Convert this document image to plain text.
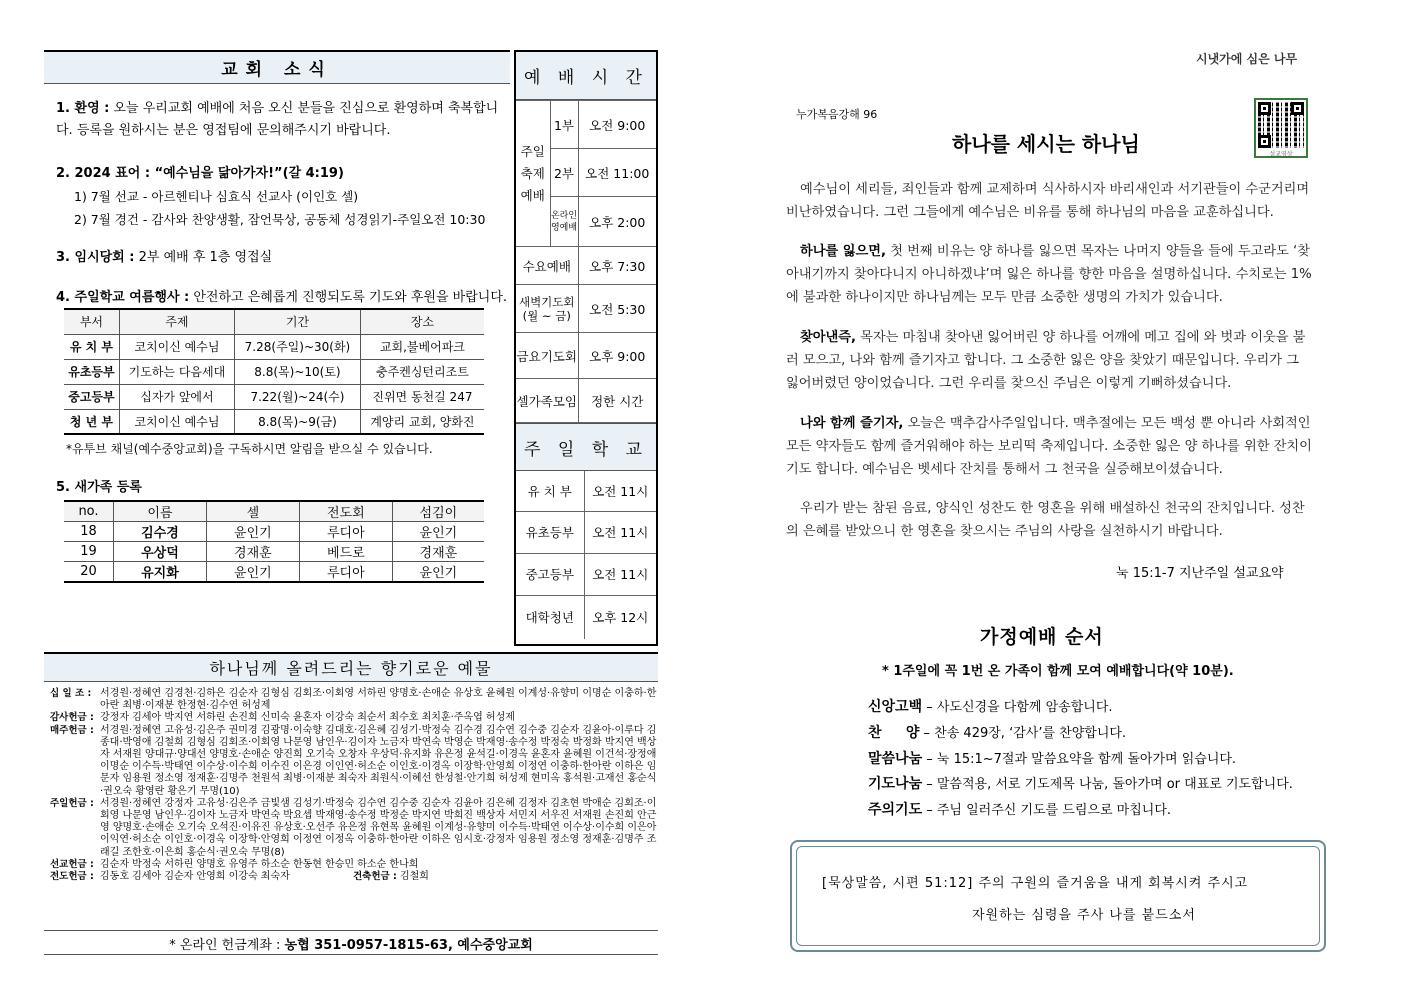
교회 소식
1. 환영 : 오늘 우리교회 예배에 처음 오신 분들을 진심으로 환영하며 축복합니다. 등록을 원하시는 분은 영접팀에 문의해주시기 바랍니다.
2. 2024 표어 : “예수님을 닮아가자!”(갈 4:19)
1) 7월 선교 - 아르헨티나 심효식 선교사 (이인호 셀)
2) 7월 경건 - 감사와 찬양생활, 잠언묵상, 공동체 성경읽기-주일오전 10:30
3. 임시당회 : 2부 예배 후 1층 영접실
4. 주일학교 여름행사 : 안전하고 은혜롭게 진행되도록 기도와 후원을 바랍니다.
부서	주제	기간	장소
유 치 부	코치이신 예수님	7.28(주일)~30(화)	교회,불베어파크
유초등부	기도하는 다음세대	8.8(목)~10(토)	충주켄싱턴리조트
중고등부	십자가 앞에서	7.22(월)~24(수)	진위면 동천길 247
청 년 부	코치이신 예수님	8.8(목)~9(금)	계양리 교회, 양화진
*유투브 채널(예수중앙교회)을 구독하시면 알림을 받으실 수 있습니다.
5. 새가족 등록
no.	이름	셀	전도회	섬김이
18	김수경	윤인기	루디아	윤인기
19	우상덕	경재훈	베드로	경재훈
20	유지화	윤인기	루디아	윤인기
예 배 시 간
주일 축제 예배	1부	오전 9:00
	2부	오전 11:00
	온라인 영예배	오후 2:00
수요예배		오후 7:30
새벽기도회 (월 ~ 금)		오전 5:30
금요기도회		오후 9:00
셀가족모임		정한 시간
주 일 학 교
유 치 부	오전 11시
유초등부	오전 11시
중고등부	오전 11시
대학청년	오후 12시
하나님께 올려드리는 향기로운 예물
십 일 조 : 서경원·정혜연 김경천·김하은 김순자 김형심 김회조·이회영 서하린 양명호·손애순 유상호 윤혜원 이계성·유향미 이명순 이충하·한아란 최병·이재분 한정현·김수연 허성제
감사헌금 : 강정자 김세아 박지연 서하린 손진희 신미숙 윤혼자 이강숙 최순서 최수호 최치훈·주옥엽 허성제
매주헌금 : 서경원·정혜연 고유성·김은주 권미경 김광명·이숙향 김대호·김은혜 김성기·박정숙 김수경 김수연 김수중 김순자 김윤아·이루다 김종대·박영애 김철희 김형심 김회조·이회영 나문영 남인우·김이자 노금자 박연숙 박영순 박재영·송수정 박정숙 박정화 박지연 백상자 서재원 양대규·양대선 양명호·손애순 양진희 오기숙 오창자 우상덕·유지화 유은정 윤석길·이경옥 윤혼자 윤혜원 이건석·장정애 이명순 이수득·박태연 이수상·이수희 이수진 이은경 이인연·허소순 이인호·이경옥 이장학·안영희 이정연 이충하·한아란 이하은 임문자 임용원 정소영 정재훈·김명주 천원석 최병·이재분 최숙자 최원식·이혜선 한성철·안기희 허성제 현미옥 홍석원·고재선 홍순식·권오숙 황영란 황은기 무명(10)
주일헌금 : 서경원·정혜연 강정자 고유성·김은주 금빛샘 김성기·박정숙 김수연 김수중 김순자 김윤아 김은혜 김정자 김초현 박애순 김회조·이회영 나문영 남인우·김이자 노금자 박연숙 박요셉 박재영·송수정 박정순 박지연 박희진 백상자 서민지 서우진 서재원 손진희 안근영 양명호·손애순 오기숙 오석진·이유진 유상호·오선주 유은정 유현목 윤혜원 이계성·유향미 이수득·박태연 이수상·이수희 이은아 이익연·허소순 이인호·이경옥 이장학·안영희 이정연 이정옥 이충하·한아란 이하은 임시호·강정자 임용원 정소영 정재훈·김명주 조래길 조한호·이은희 홍순식·권오숙 무명(8)
선교헌금 : 김순자 박정숙 서하린 양명호 유영주 하소순 한동현 한승민 하소순 한나희
전도헌금 : 김동호 김세아 김순자 안영희 이강숙 최숙자	건축헌금 : 김철희
* 온라인 헌금계좌 : 농협 351-0957-1815-63, 예수중앙교회
시냇가에 심은 나무
누가복음강해 96
설교영상
하나를 세시는 하나님
예수님이 세리들, 죄인들과 함께 교제하며 식사하시자 바리새인과 서기관들이 수군거리며 비난하였습니다. 그런 그들에게 예수님은 비유를 통해 하나님의 마음을 교훈하십니다.
하나를 잃으면, 첫 번째 비유는 양 하나를 잃으면 목자는 나머지 양들을 들에 두고라도 ‘찾아내기까지 찾아다니지 아니하겠냐’며 잃은 하나를 향한 마음을 설명하십니다. 수치로는 1%에 불과한 하나이지만 하나님께는 모두 만큼 소중한 생명의 가치가 있습니다.
찾아낸즉, 목자는 마침내 찾아낸 잃어버린 양 하나를 어깨에 메고 집에 와 벗과 이웃을 불러 모으고, 나와 함께 즐기자고 합니다. 그 소중한 잃은 양을 찾았기 때문입니다. 우리가 그 잃어버렸던 양이었습니다. 그런 우리를 찾으신 주님은 이렇게 기뻐하셨습니다.
나와 함께 즐기자, 오늘은 맥추감사주일입니다. 맥추절에는 모든 백성 뿐 아니라 사회적인 모든 약자들도 함께 즐거워해야 하는 보리떡 축제입니다. 소중한 잃은 양 하나를 위한 잔치이기도 합니다. 예수님은 벳세다 잔치를 통해서 그 천국을 실증해보이셨습니다.
우리가 받는 참된 음료, 양식인 성찬도 한 영혼을 위해 배설하신 천국의 잔치입니다. 성찬의 은혜를 받았으니 한 영혼을 찾으시는 주님의 사랑을 실천하시기 바랍니다.
눅 15:1-7 지난주일 설교요약
가정예배 순서
* 1주일에 꼭 1번 온 가족이 함께 모여 예배합니다(약 10분).
신앙고백 – 사도신경을 다함께 암송합니다.
찬     양 – 찬송 429장, ‘감사’를 찬양합니다.
말씀나눔 – 눅 15:1~7절과 말씀요약을 함께 돌아가며 읽습니다.
기도나눔 – 말씀적용, 서로 기도제목 나눔, 돌아가며 or 대표로 기도합니다.
주의기도 – 주님 일러주신 기도를 드림으로 마칩니다.
[묵상말씀, 시편 51:12] 주의 구원의 즐거움을 내게 회복시켜 주시고
자원하는 심령을 주사 나를 붙드소서
